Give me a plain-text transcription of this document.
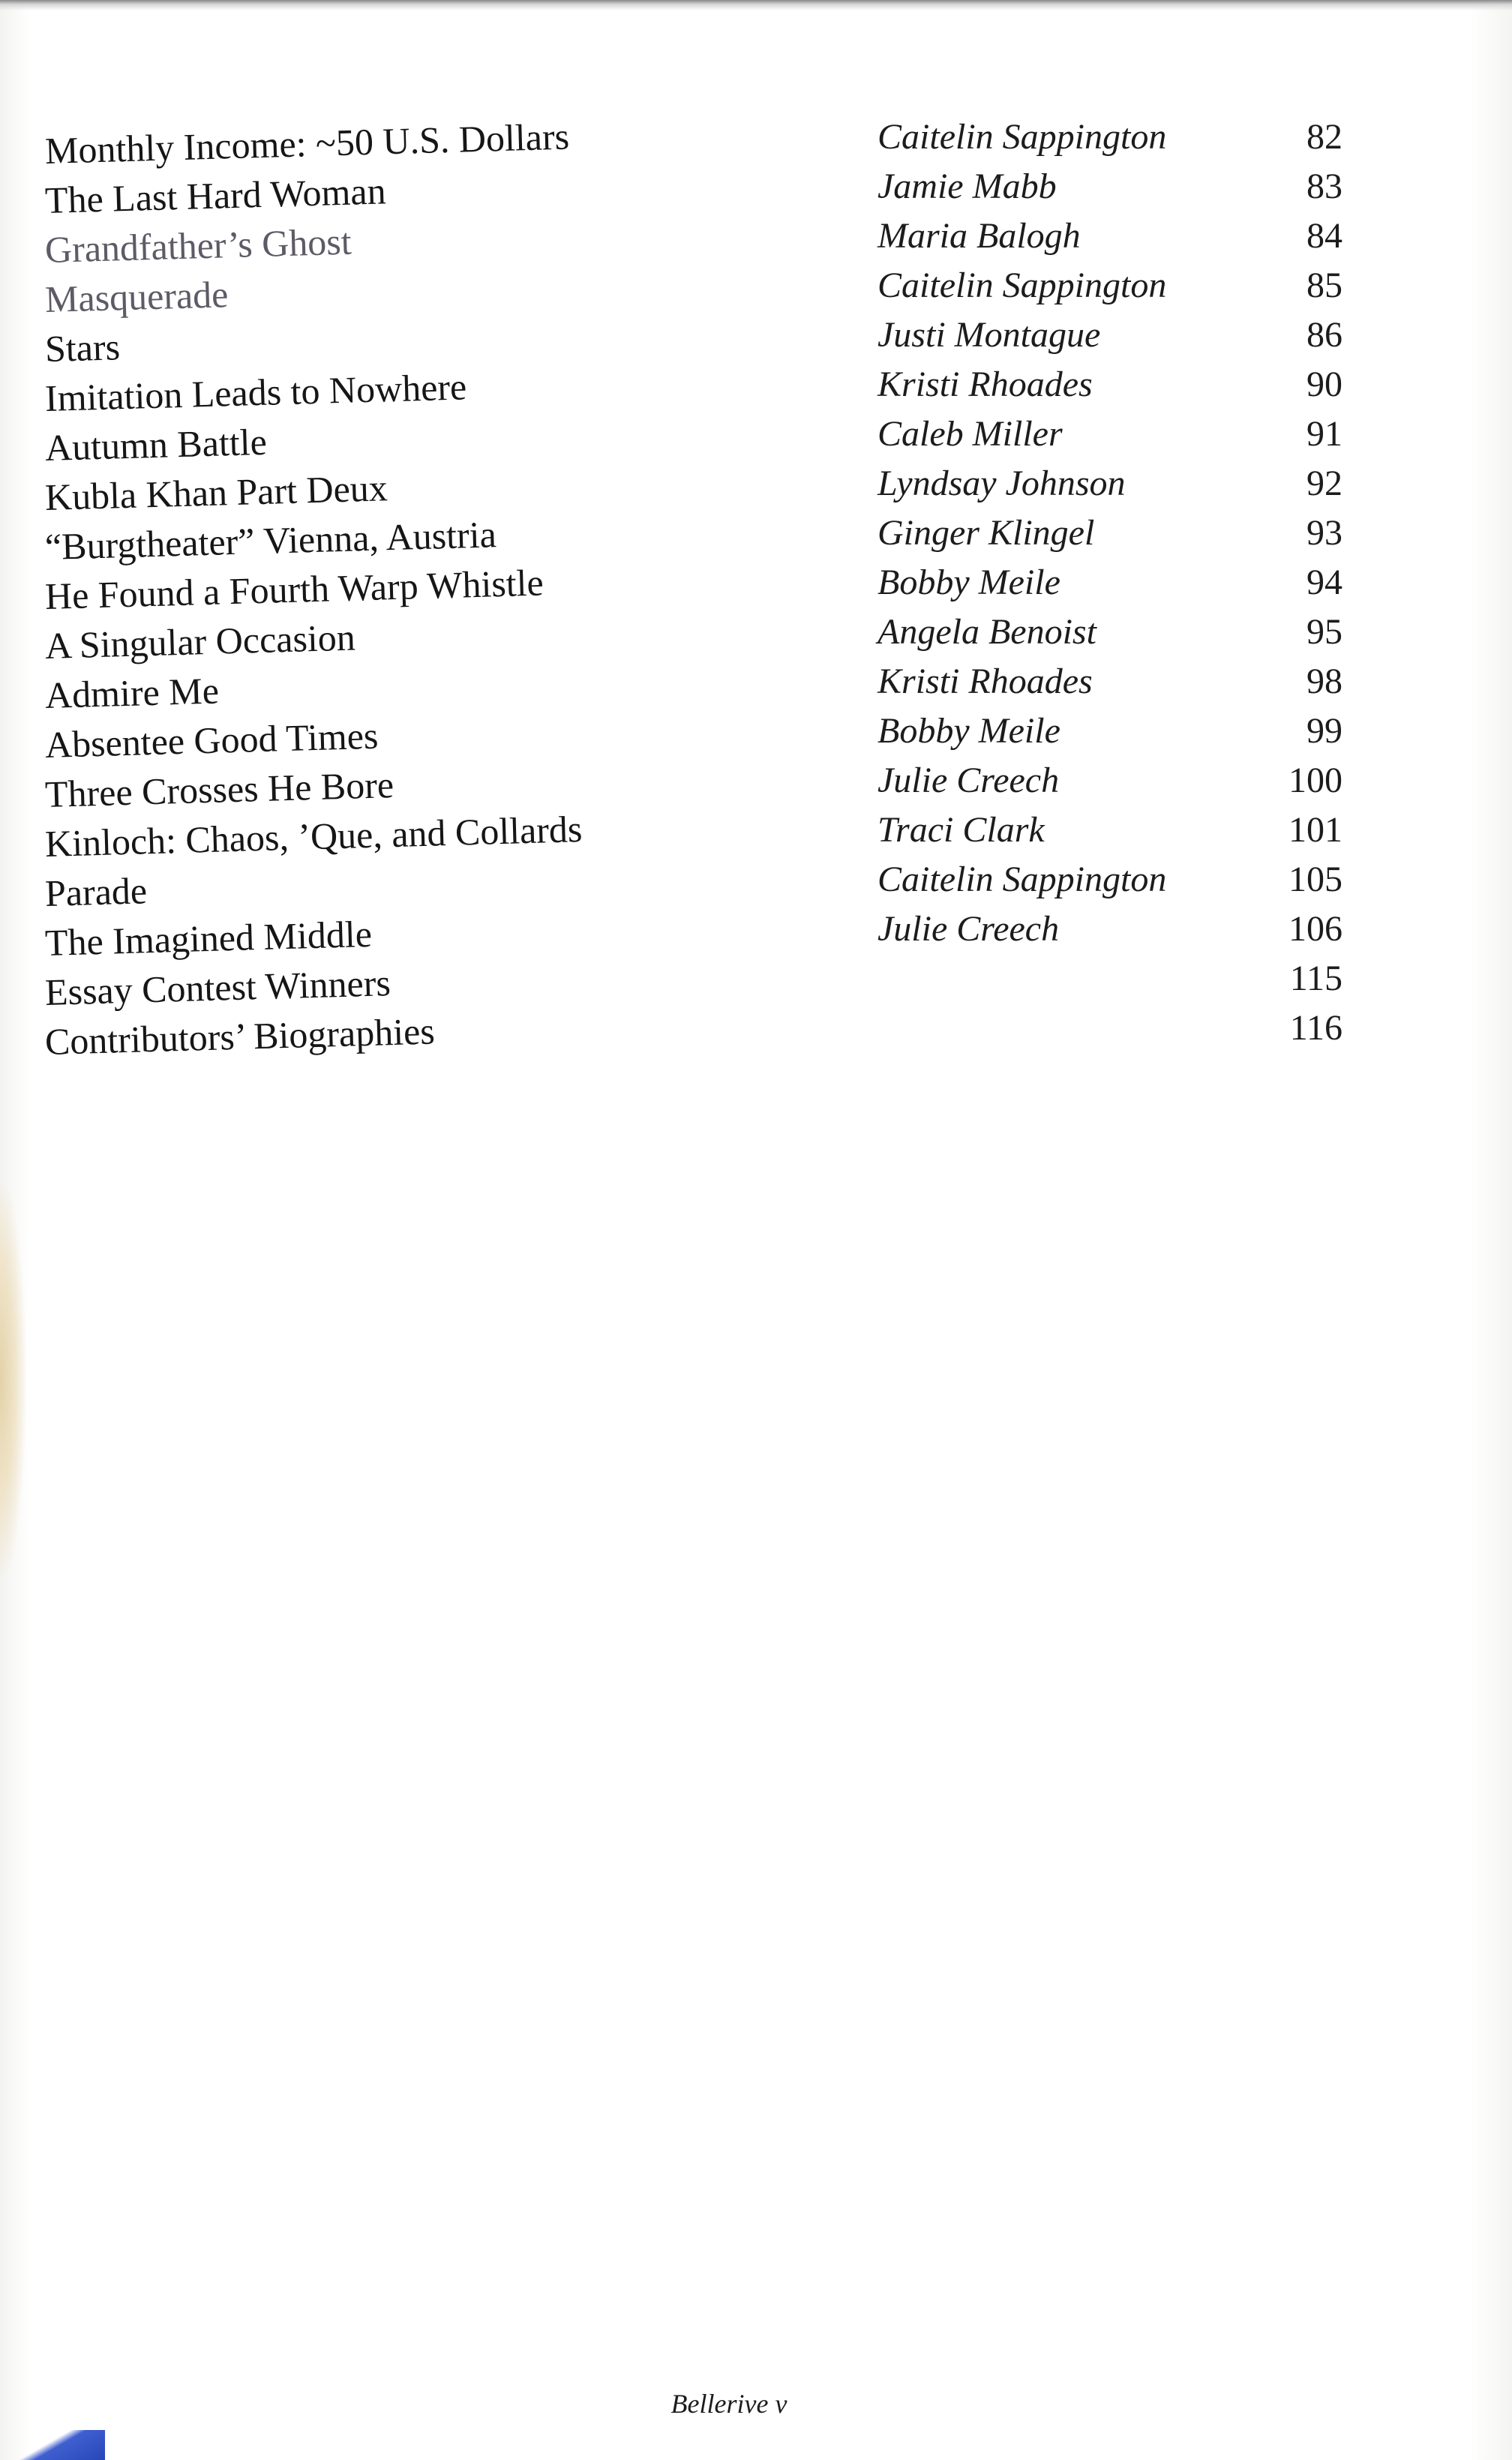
Monthly Income: ~50 U.S. Dollars	Caitelin Sappington	82
The Last Hard Woman	Jamie Mabb	83
Grandfather’s Ghost	Maria Balogh	84
Masquerade	Caitelin Sappington	85
Stars	Justi Montague	86
Imitation Leads to Nowhere	Kristi Rhoades	90
Autumn Battle	Caleb Miller	91
Kubla Khan Part Deux	Lyndsay Johnson	92
“Burgtheater” Vienna, Austria	Ginger Klingel	93
He Found a Fourth Warp Whistle	Bobby Meile	94
A Singular Occasion	Angela Benoist	95
Admire Me	Kristi Rhoades	98
Absentee Good Times	Bobby Meile	99
Three Crosses He Bore	Julie Creech	100
Kinloch: Chaos, ’Que, and Collards	Traci Clark	101
Parade	Caitelin Sappington	105
The Imagined Middle	Julie Creech	106
Essay Contest Winners	115
Contributors’ Biographies	116
Bellerive v
